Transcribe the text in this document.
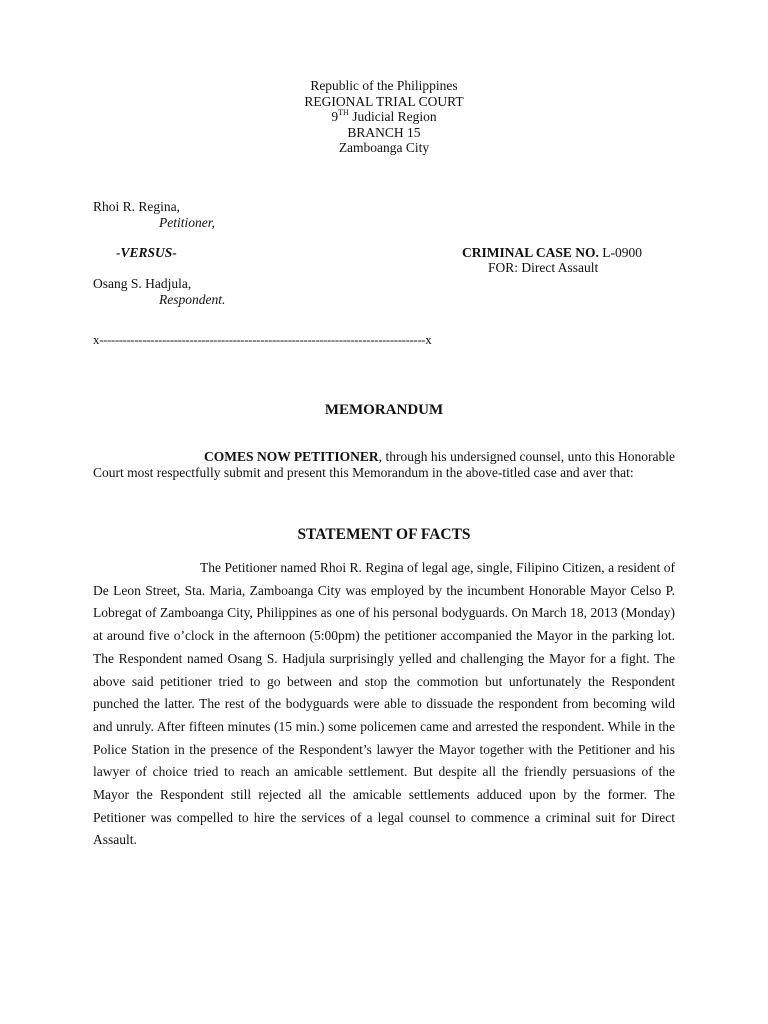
Republic of the Philippines
REGIONAL TRIAL COURT
9TH Judicial Region
BRANCH 15
Zamboanga City
Rhoi R. Regina,
Petitioner,
-VERSUS-	CRIMINAL CASE NO. L-0900
FOR: Direct Assault
Osang S. Hadjula,
Respondent.
x-----------------------------------------------------------------------------------x
MEMORANDUM
COMES NOW PETITIONER, through his undersigned counsel, unto this Honorable Court most respectfully submit and present this Memorandum in the above-titled case and aver that:
STATEMENT OF FACTS
The Petitioner named Rhoi R. Regina of legal age, single, Filipino Citizen, a resident of De Leon Street, Sta. Maria, Zamboanga City was employed by the incumbent Honorable Mayor Celso P. Lobregat of Zamboanga City, Philippines as one of his personal bodyguards. On March 18, 2013 (Monday) at around five o’clock in the afternoon (5:00pm) the petitioner accompanied the Mayor in the parking lot. The Respondent named Osang S. Hadjula surprisingly yelled and challenging the Mayor for a fight. The above said petitioner tried to go between and stop the commotion but unfortunately the Respondent punched the latter. The rest of the bodyguards were able to dissuade the respondent from becoming wild and unruly. After fifteen minutes (15 min.) some policemen came and arrested the respondent. While in the Police Station in the presence of the Respondent’s lawyer the Mayor together with the Petitioner and his lawyer of choice tried to reach an amicable settlement. But despite all the friendly persuasions of the Mayor the Respondent still rejected all the amicable settlements adduced upon by the former. The Petitioner was compelled to hire the services of a legal counsel to commence a criminal suit for Direct Assault.
